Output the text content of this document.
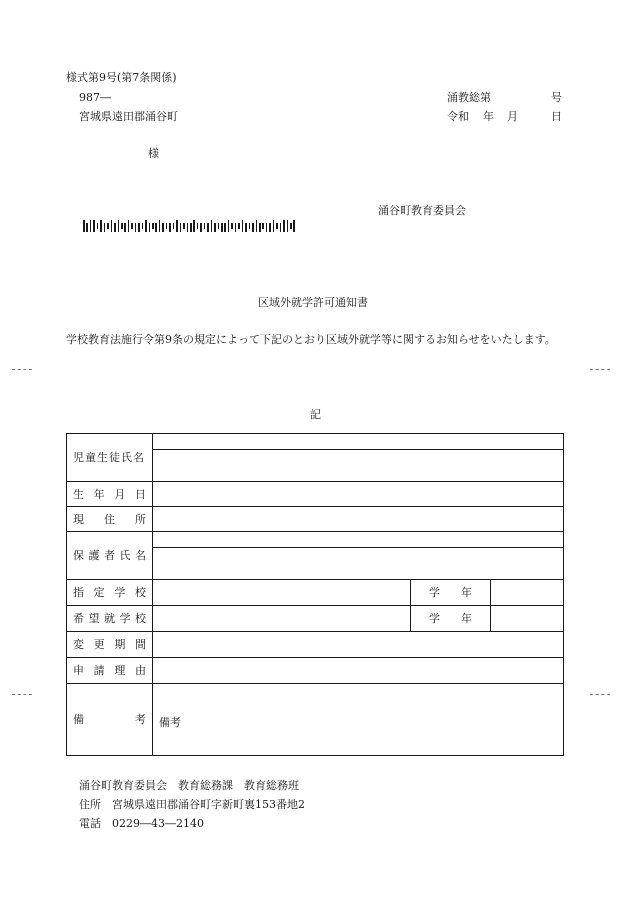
様式第9号(第7条関係)
987―
宮城県遠田郡涌谷町
涌教総第	号
令和 年 月	日
様
涌谷町教育委員会
区域外就学許可通知書
学校教育法施行令第9条の規定によって下記のとおり区域外就学等に関するお知らせをいたします。
記
児童生徒氏名			

生 年 月 日			

現 住 所			

保 護 者 氏 名			

指 定 学 校		学 年	

希 望 就 学 校		学 年	

変 更 期 間			

申 請 理 由			

備 考	備考		
涌谷町教育委員会　教育総務課　教育総務班
住所　宮城県遠田郡涌谷町字新町裏153番地2
電話　0229―43―2140
